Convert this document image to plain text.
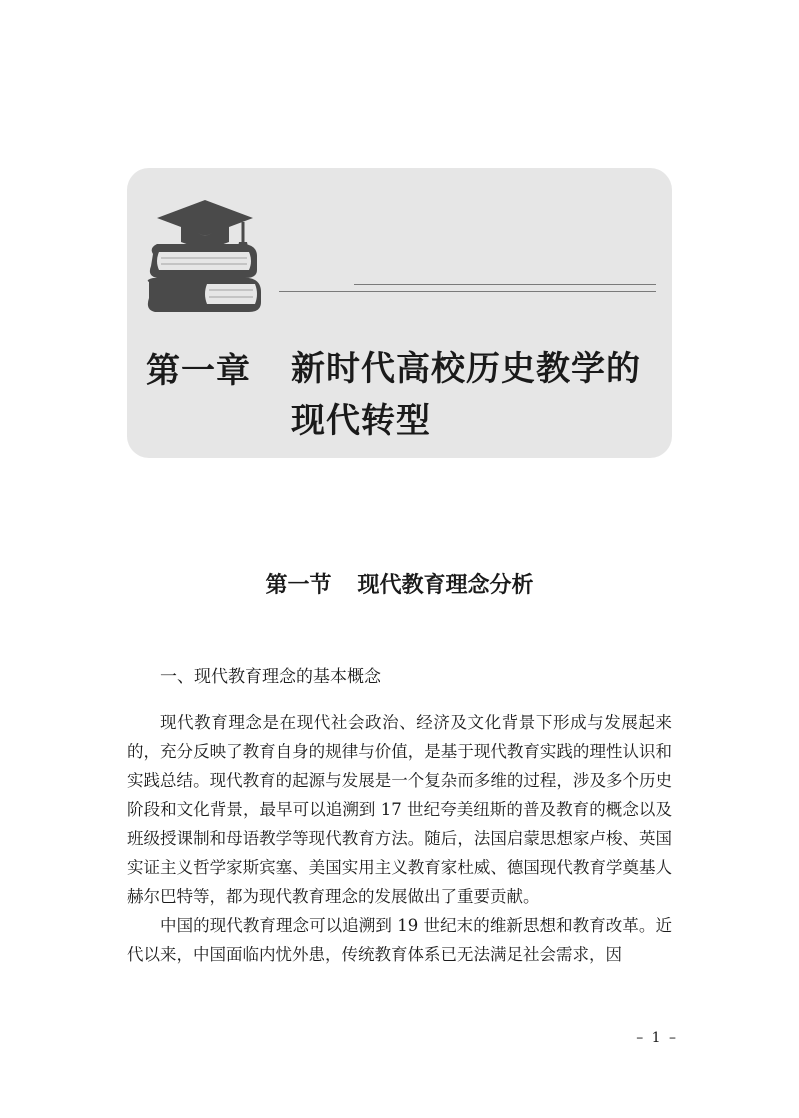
第一章 新时代高校历史教学的现代转型
第一节 现代教育理念分析
一、现代教育理念的基本概念

现代教育理念是在现代社会政治、经济及文化背景下形成与发展起来的，充分反映了教育自身的规律与价值，是基于现代教育实践的理性认识和实践总结。现代教育的起源与发展是一个复杂而多维的过程，涉及多个历史阶段和文化背景，最早可以追溯到 17 世纪夸美纽斯的普及教育的概念以及班级授课制和母语教学等现代教育方法。随后，法国启蒙思想家卢梭、英国实证主义哲学家斯宾塞、美国实用主义教育家杜威、德国现代教育学奠基人赫尔巴特等，都为现代教育理念的发展做出了重要贡献。

中国的现代教育理念可以追溯到 19 世纪末的维新思想和教育改革。近代以来，中国面临内忧外患，传统教育体系已无法满足社会需求，因

– 1 –
